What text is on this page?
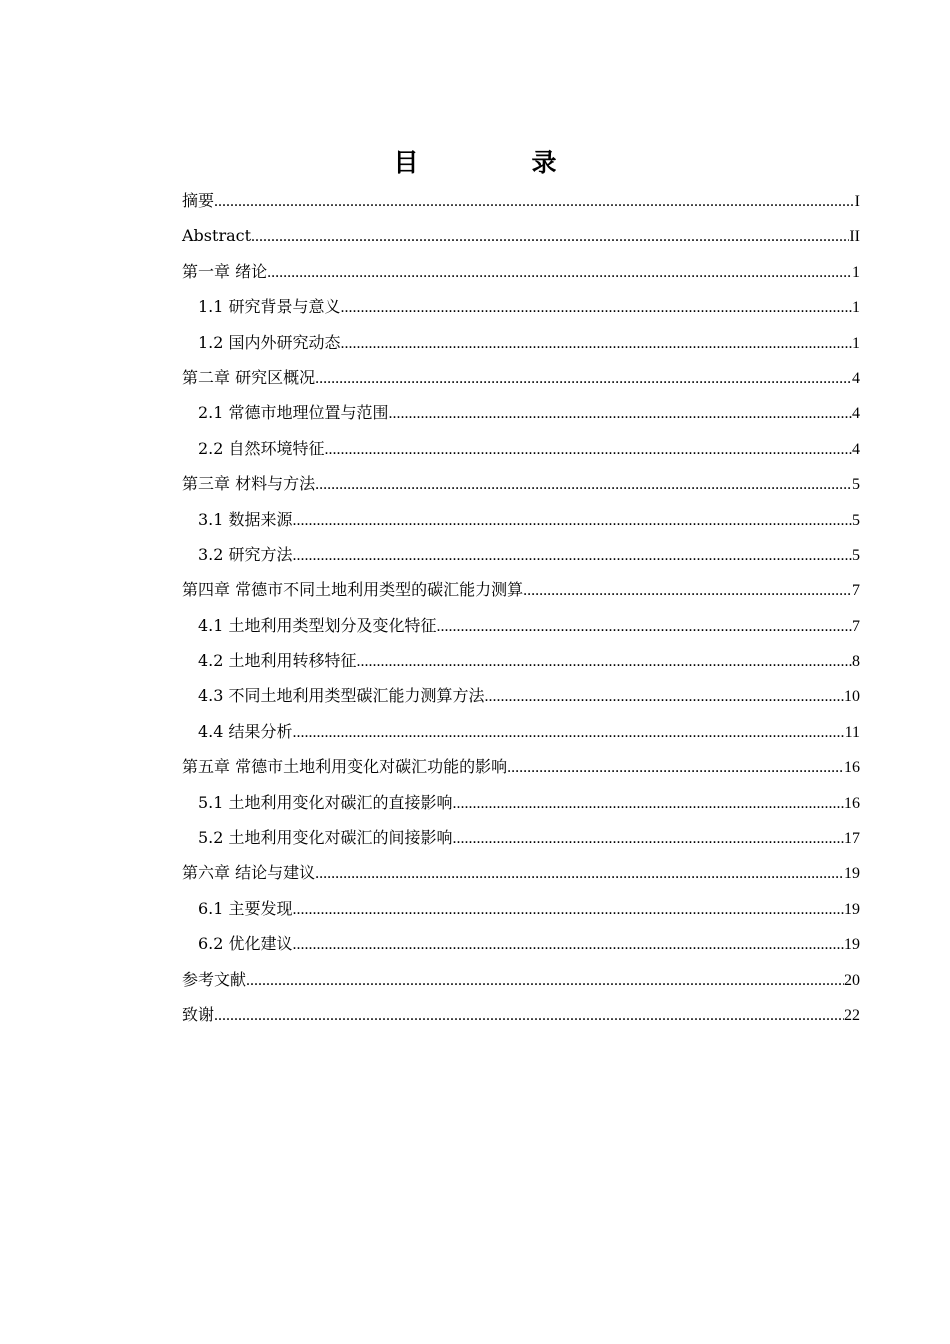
目　录
摘要 .....	I
Abstract .....	II
第一章 绪论 .....	1
1.1 研究背景与意义 .....	1
1.2 国内外研究动态 .....	1
第二章 研究区概况 .....	4
2.1 常德市地理位置与范围 .....	4
2.2 自然环境特征 .....	4
第三章 材料与方法 .....	5
3.1 数据来源 .....	5
3.2 研究方法 .....	5
第四章 常德市不同土地利用类型的碳汇能力测算 .....	7
4.1 土地利用类型划分及变化特征 .....	7
4.2 土地利用转移特征 .....	8
4.3 不同土地利用类型碳汇能力测算方法 .....	10
4.4 结果分析 .....	11
第五章 常德市土地利用变化对碳汇功能的影响 .....	16
5.1 土地利用变化对碳汇的直接影响 .....	16
5.2 土地利用变化对碳汇的间接影响 .....	17
第六章 结论与建议 .....	19
6.1 主要发现 .....	19
6.2 优化建议 .....	19
参考文献 .....	20
致谢 .....	22
